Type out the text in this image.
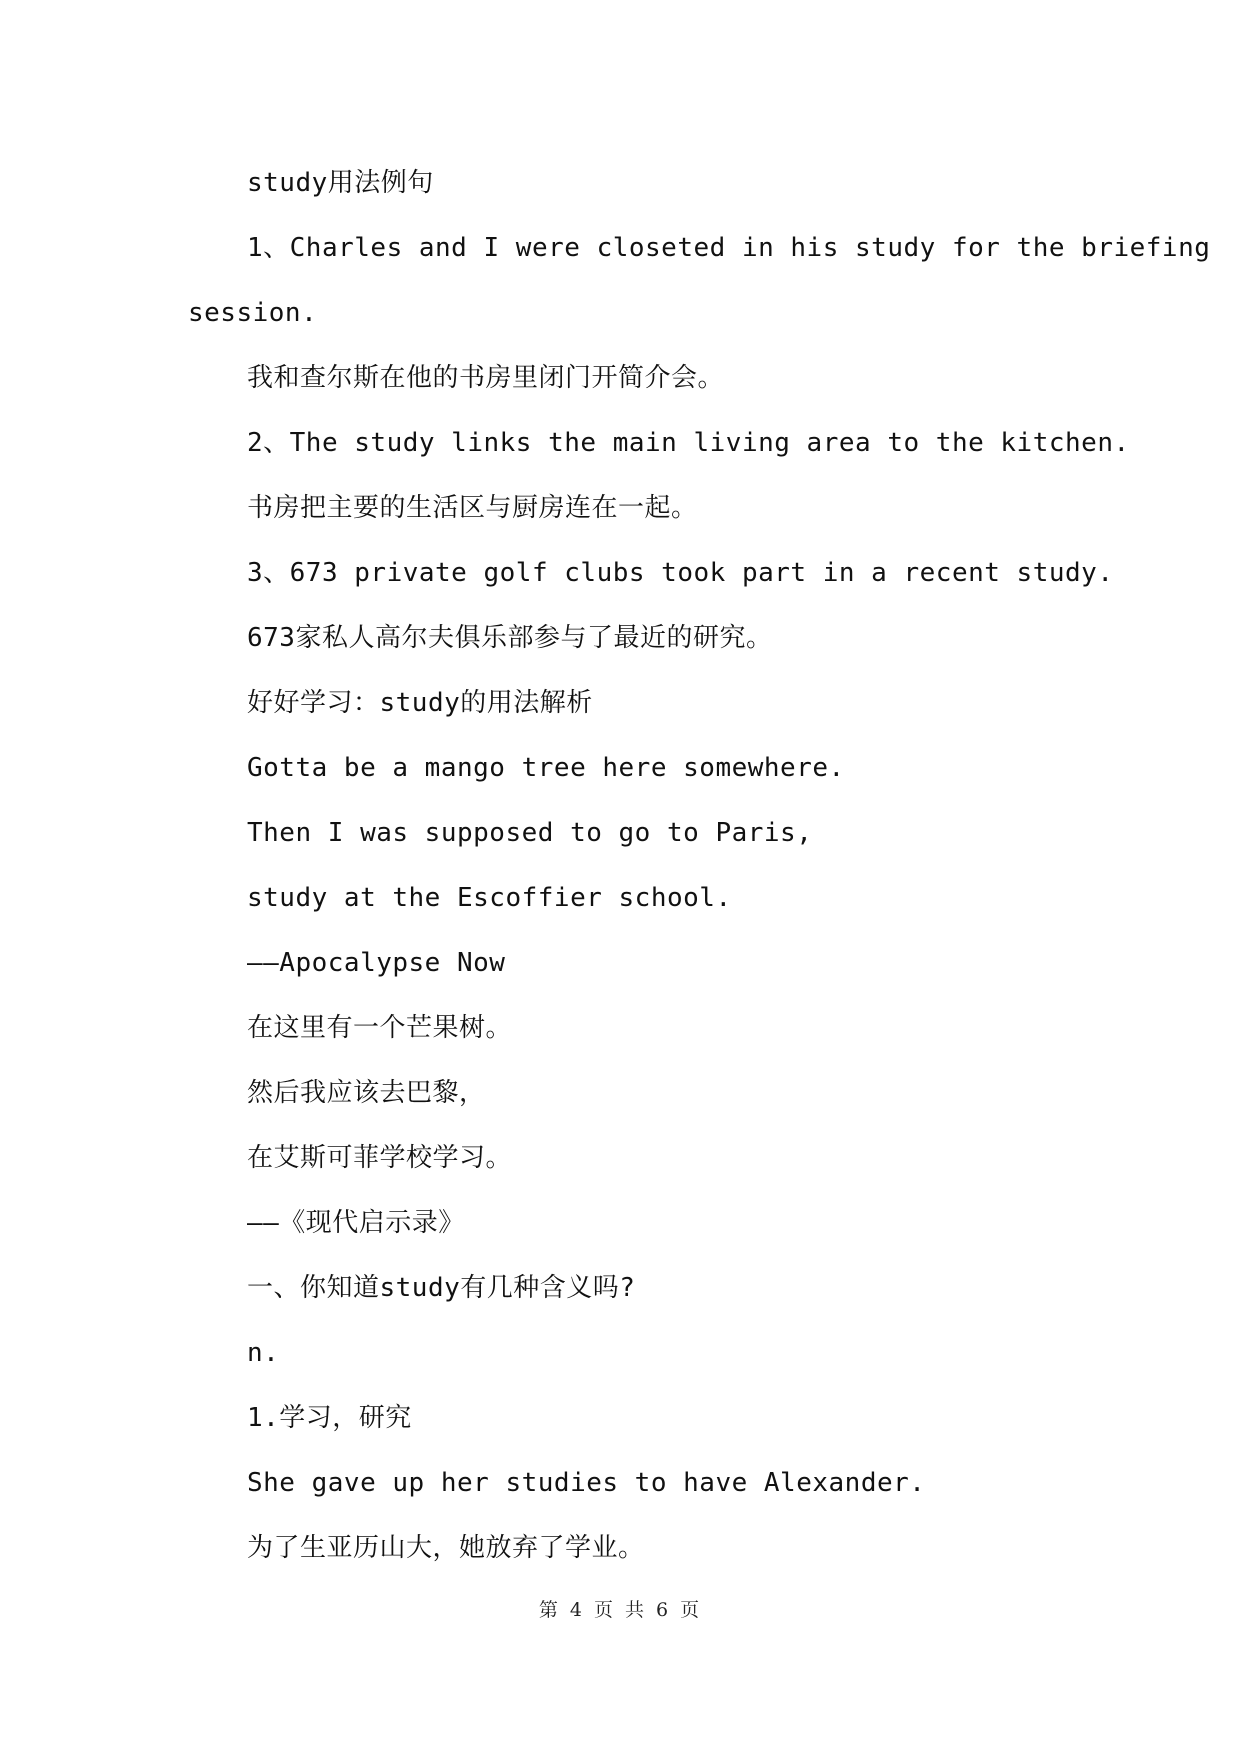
study用法例句
1、Charles and I were closeted in his study for the briefing
session.
我和查尔斯在他的书房里闭门开简介会。
2、The study links the main living area to the kitchen.
书房把主要的生活区与厨房连在一起。
3、673 private golf clubs took part in a recent study.
673家私人高尔夫俱乐部参与了最近的研究。
好好学习：study的用法解析
Gotta be a mango tree here somewhere.
Then I was supposed to go to Paris,
study at the Escoffier school.
——Apocalypse Now
在这里有一个芒果树。
然后我应该去巴黎，
在艾斯可菲学校学习。
——《现代启示录》
一、你知道study有几种含义吗?
n.
1.学习，研究
She gave up her studies to have Alexander.
为了生亚历山大，她放弃了学业。
第 4 页 共 6 页
